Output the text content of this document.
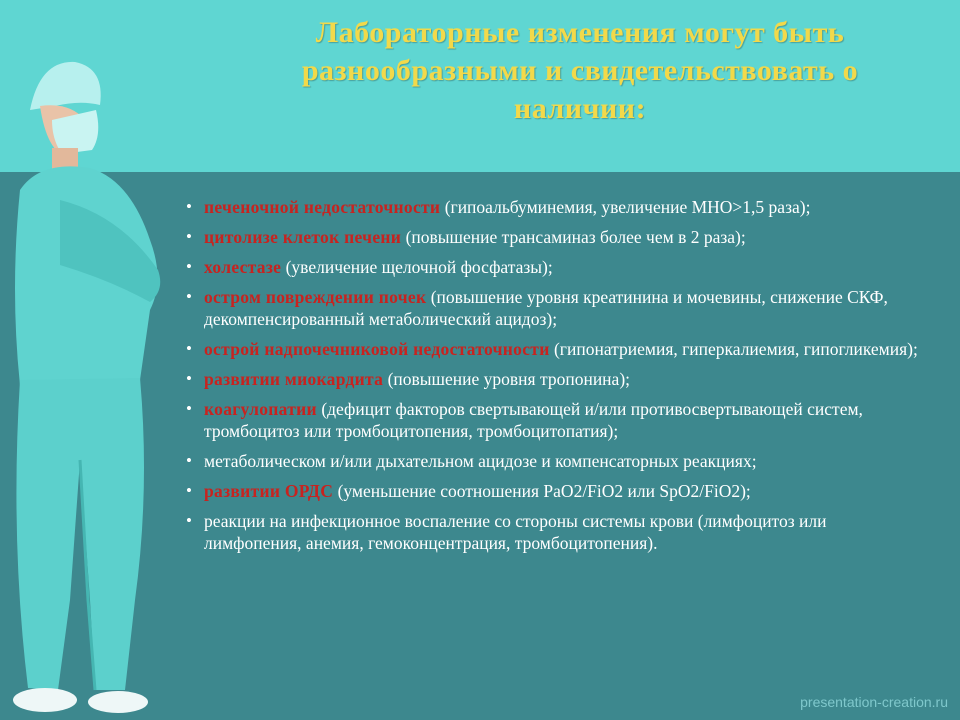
Лабораторные изменения могут быть разнообразными и свидетельствовать о наличии:
• печеночной недостаточности (гипоальбуминемия, увеличение МНО>1,5 раза);
• цитолизе клеток печени (повышение трансаминаз более чем в 2 раза);
• холестазе (увеличение щелочной фосфатазы);
• остром повреждении почек (повышение уровня креатинина и мочевины, снижение СКФ, декомпенсированный метаболический ацидоз);
• острой надпочечниковой недостаточности (гипонатриемия, гиперкалиемия, гипогликемия);
• развитии миокардита (повышение уровня тропонина);
• коагулопатии (дефицит факторов свертывающей и/или противосвертывающей систем, тромбоцитоз или тромбоцитопения, тромбоцитопатия);
• метаболическом и/или дыхательном ацидозе и компенсаторных реакциях;
• развитии ОРДС (уменьшение соотношения PaO2/FiO2 или SpO2/FiO2);
• реакции на инфекционное воспаление со стороны системы крови (лимфоцитоз или лимфопения, анемия, гемоконцентрация, тромбоцитопения).
presentation-creation.ru
